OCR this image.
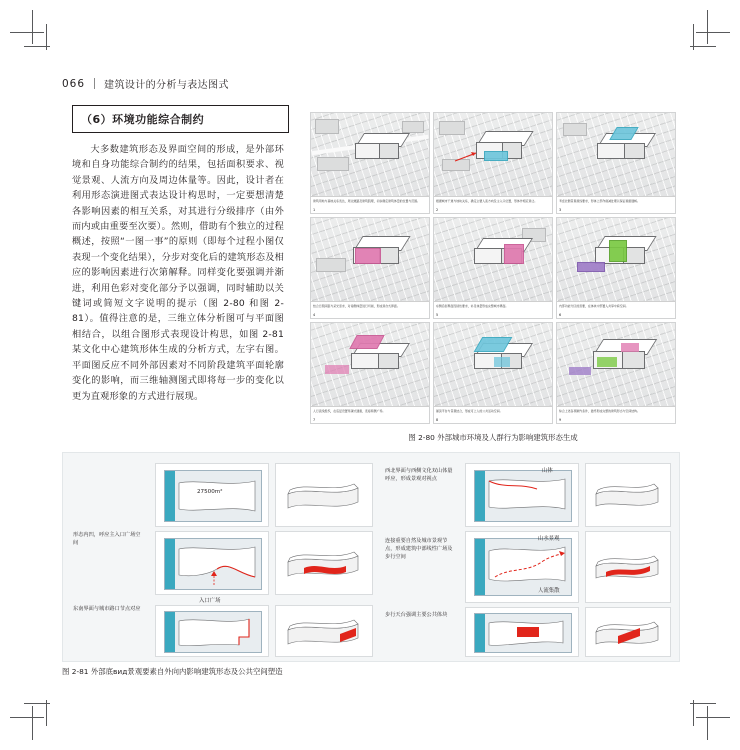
066 建筑设计的分析与表达图式
（6）环境功能综合制约

大多数建筑形态及界面空间的形成，是外部环境和自身功能综合制约的结果，包括面积要求、视觉景观、人流方向及周边体量等。因此，设计者在利用形态演进图式表达设计构思时，一定要想清楚各影响因素的相互关系，对其进行分级排序（由外而内或由重要至次要）。然则，借助有个独立的过程概述，按照“一图一事”的原则（即每个过程小图仅表现一个变化结果），分步对变化后的建筑形态及相应的影响因素进行次第解释。同样变化要强调并渐进，利用色彩对变化部分予以强调，同时辅助以关键词或简短文字说明的提示（图 2-80 和图 2-81）。值得注意的是，三维立体分析图可与平面图相结合，以组合图形式表现设计构思，如图 2-81 某文化中心建筑形体生成的分析方式，左字右图。平面图反应不同外部因素对不同阶段建筑平面轮廓变化的影响，而三维轴测图式即将每一步的变化以更为直观形象的方式进行展现。

建筑用地与基地关系表达，周边道路及建筑肌理，初步确定建筑体量的位置与范围。
1
根据城市干道与地块关系，确定主要人流方向及主入口位置，形体作相应退让。
2
考虑北侧景观视线要求，形体上部作削减处理以保证视廊通畅。
3
结合日照间距与采光需求，对南侧体量进行切削，形成退台式界面。
4
东侧沿街界面连续性要求，补足体量形成完整城市界面。
5
内部功能分区的需要，在体块中部置入共享中庭空间。
6
人行流线组织，在底层设置穿越式通廊，连接两侧广场。
7
屋顶平台与景观结合，形成可上人的公共活动空间。
8
综合上述各项制约条件，最终形成完整的建筑形态与空间结构。
9
图 2-80 外部城市环境及人群行为影响建筑形态生成
形态内凹，呼应主入口广场空间
东南界面与城市路口节点对应
27500m²
入口广场
西北界面与西侧文化双山体量呼应，形成景观对视点
连接重要自然及城市景观节点，形成建筑中部线性广场及步行空间
步行天台强调主要公共体块
山体
山水景观
人流集散
图 2-81 外部底вид景观要素自外向内影响建筑形态及公共空间塑造
